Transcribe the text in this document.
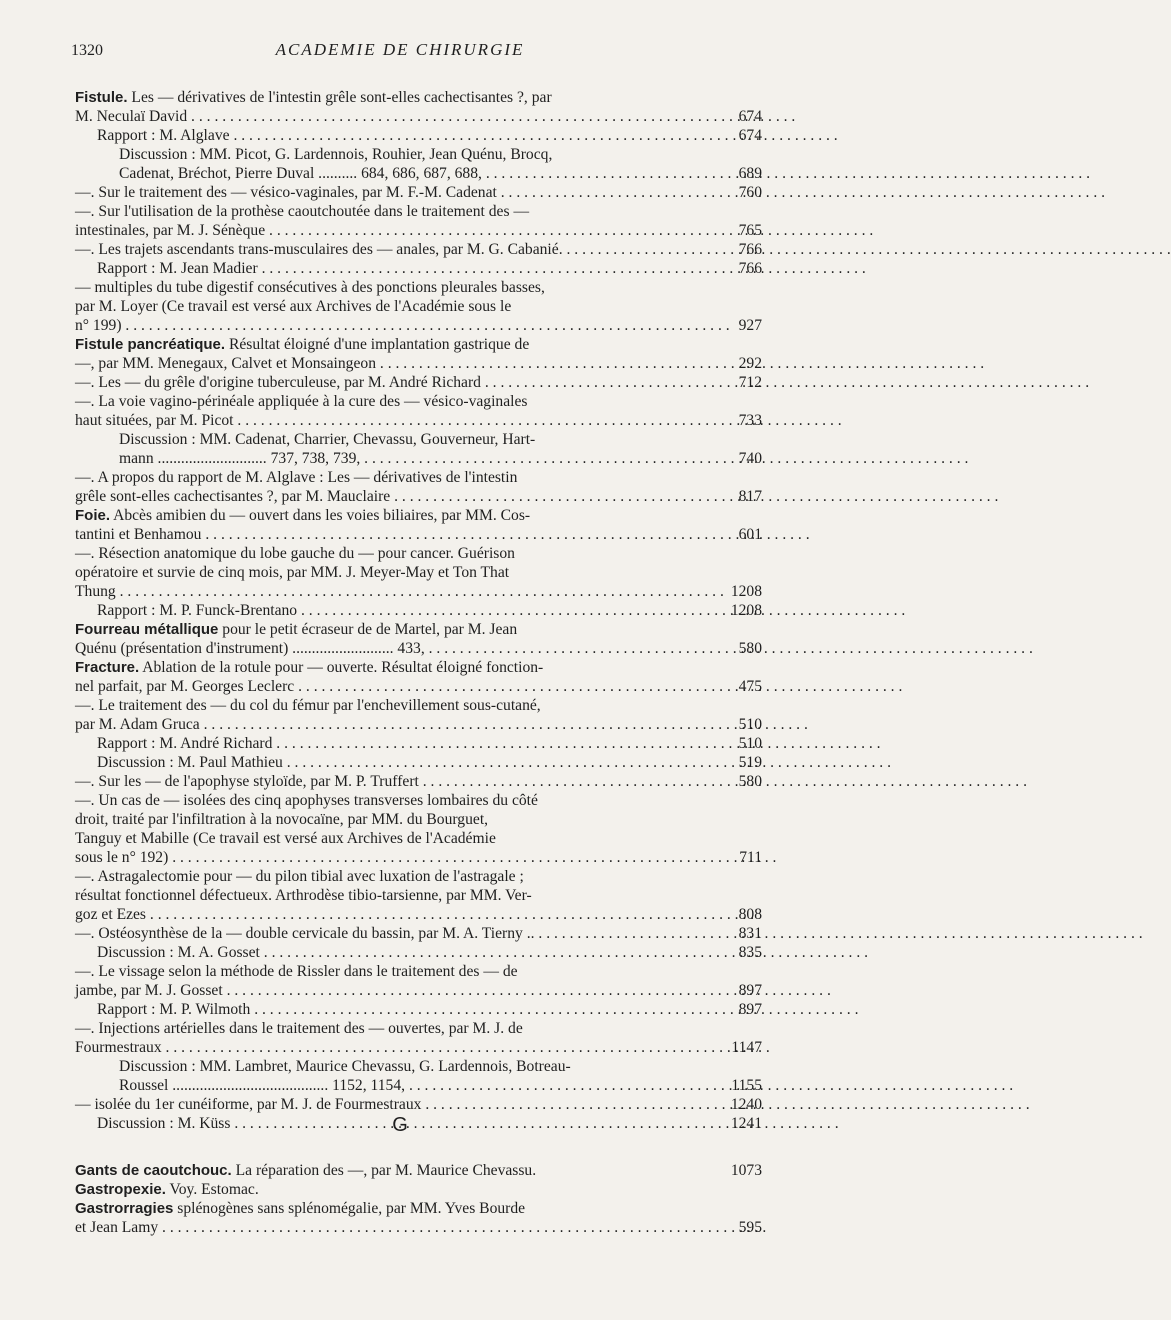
1320	ACADEMIE DE CHIRURGIE
Fistule. Les — dérivatives de l'intestin grêle sont-elles cachectisantes ?, par
M. Neculaï David . . .	674
Rapport : M. Alglave . . .	674
Discussion : MM. Picot, G. Lardennois, Rouhier, Jean Quénu, Brocq,
Cadenat, Bréchot, Pierre Duval .......... 684, 686, 687, 688, . . .	689
—. Sur le traitement des — vésico-vaginales, par M. F.-M. Cadenat . . .	760
—. Sur l'utilisation de la prothèse caoutchoutée dans le traitement des —
intestinales, par M. J. Sénèque . . .	765
—. Les trajets ascendants trans-musculaires des — anales, par M. G. Cabanié. . . .	766
Rapport : M. Jean Madier . . .	766
— multiples du tube digestif consécutives à des ponctions pleurales basses,
par M. Loyer (Ce travail est versé aux Archives de l'Académie sous le
n° 199) . . .	927
Fistule pancréatique. Résultat éloigné d'une implantation gastrique de
—, par MM. Menegaux, Calvet et Monsaingeon . . .	292
—. Les — du grêle d'origine tuberculeuse, par M. André Richard . . .	712
—. La voie vagino-périnéale appliquée à la cure des — vésico-vaginales
haut situées, par M. Picot . . .	733
Discussion : MM. Cadenat, Charrier, Chevassu, Gouverneur, Hart-
mann ............................ 737, 738, 739, . . .	740
—. A propos du rapport de M. Alglave : Les — dérivatives de l'intestin
grêle sont-elles cachectisantes ?, par M. Mauclaire . . .	817
Foie. Abcès amibien du — ouvert dans les voies biliaires, par MM. Cos-
tantini et Benhamou . . .	601
—. Résection anatomique du lobe gauche du — pour cancer. Guérison
opératoire et survie de cinq mois, par MM. J. Meyer-May et Ton That
Thung . . .	1208
Rapport : M. P. Funck-Brentano . . .	1208
Fourreau métallique pour le petit écraseur de de Martel, par M. Jean
Quénu (présentation d'instrument) .......................... 433, . . .	580
Fracture. Ablation de la rotule pour — ouverte. Résultat éloigné fonction-
nel parfait, par M. Georges Leclerc . . .	475
—. Le traitement des — du col du fémur par l'enchevillement sous-cutané,
par M. Adam Gruca . . .	510
Rapport : M. André Richard . . .	510
Discussion : M. Paul Mathieu . . .	519
—. Sur les — de l'apophyse styloïde, par M. P. Truffert . . .	580
—. Un cas de — isolées des cinq apophyses transverses lombaires du côté
droit, traité par l'infiltration à la novocaïne, par MM. du Bourguet,
Tanguy et Mabille (Ce travail est versé aux Archives de l'Académie
sous le n° 192) . . .	711
—. Astragalectomie pour — du pilon tibial avec luxation de l'astragale ;
résultat fonctionnel défectueux. Arthrodèse tibio-tarsienne, par MM. Ver-
goz et Ezes . . .	808
—. Ostéosynthèse de la — double cervicale du bassin, par M. A. Tierny .. . . .	831
Discussion : M. A. Gosset . . .	835
—. Le vissage selon la méthode de Rissler dans le traitement des — de
jambe, par M. J. Gosset . . .	897
Rapport : M. P. Wilmoth . . .	897
—. Injections artérielles dans le traitement des — ouvertes, par M. J. de
Fourmestraux . . .	1147
Discussion : MM. Lambret, Maurice Chevassu, G. Lardennois, Botreau-
Roussel ........................................ 1152, 1154, . . .	1155
— isolée du 1er cunéiforme, par M. J. de Fourmestraux . . .	1240
Discussion : M. Küss . . .	1241
G
Gants de caoutchouc. La réparation des —, par M. Maurice Chevassu.	1073
Gastropexie. Voy. Estomac.
Gastrorragies splénogènes sans splénomégalie, par MM. Yves Bourde
et Jean Lamy . . .	595
